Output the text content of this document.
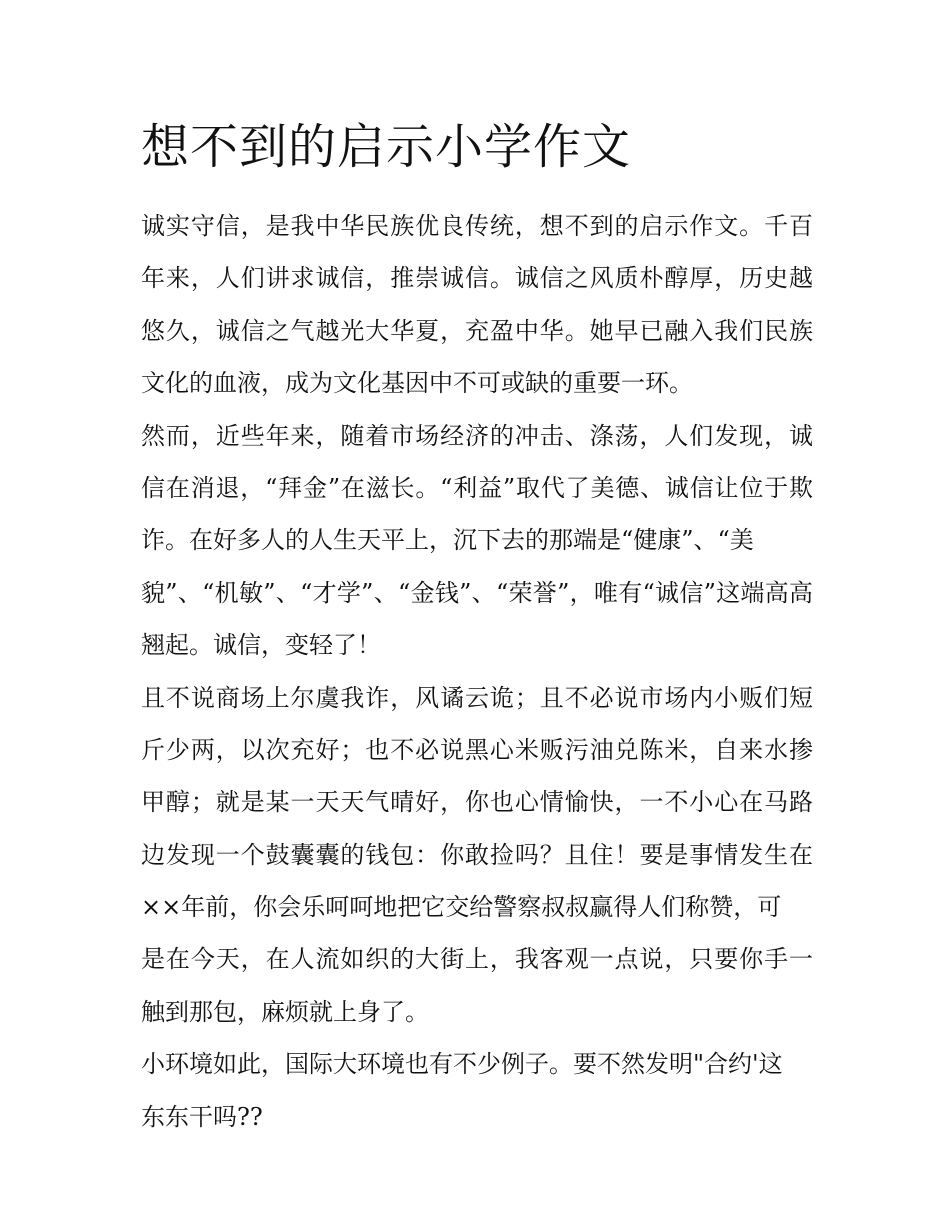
想不到的启示小学作文
诚实守信，是我中华民族优良传统，想不到的启示作文。千百
年来，人们讲求诚信，推崇诚信。诚信之风质朴醇厚，历史越
悠久，诚信之气越光大华夏，充盈中华。她早已融入我们民族
文化的血液，成为文化基因中不可或缺的重要一环。
然而，近些年来，随着市场经济的冲击、涤荡，人们发现，诚
信在消退，“拜金”在滋长。“利益”取代了美德、诚信让位于欺
诈。在好多人的人生天平上，沉下去的那端是“健康”、“美
貌”、“机敏”、“才学”、“金钱”、“荣誉”，唯有“诚信”这端高高
翘起。诚信，变轻了！
且不说商场上尔虞我诈，风谲云诡；且不必说市场内小贩们短
斤少两，以次充好；也不必说黑心米贩污油兑陈米，自来水掺
甲醇；就是某一天天气晴好，你也心情愉快，一不小心在马路
边发现一个鼓囊囊的钱包：你敢捡吗？且住！要是事情发生在
××年前，你会乐呵呵地把它交给警察叔叔赢得人们称赞，可
是在今天，在人流如织的大街上，我客观一点说，只要你手一
触到那包，麻烦就上身了。
小环境如此，国际大环境也有不少例子。要不然发明"合约'这
东东干吗??
